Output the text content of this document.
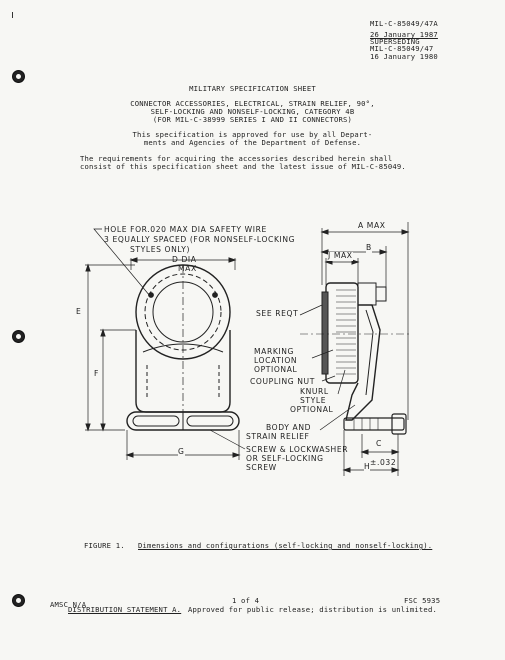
MIL-C-85049/47A
26 January 1987
SUPERSEDING
MIL-C-85049/47
16 January 1980
MILITARY SPECIFICATION SHEET
CONNECTOR ACCESSORIES, ELECTRICAL, STRAIN RELIEF, 90°,
SELF-LOCKING AND NONSELF-LOCKING, CATEGORY 4B
(FOR MIL-C-38999 SERIES I AND II CONNECTORS)
This specification is approved for use by all Depart-
ments and Agencies of the Department of Defense.
The requirements for acquiring the accessories described herein shall
consist of this specification sheet and the latest issue of MIL-C-85049.
HOLE FOR.020 MAX DIA SAFETY WIRE
3 EQUALLY SPACED (FOR NONSELF-LOCKING
STYLES ONLY)
D DIA
MAX
A MAX
B
J MAX
E
F
G
C
H ±.032
SEE REQT
MARKING
LOCATION
OPTIONAL
COUPLING NUT
KNURL
STYLE
OPTIONAL
BODY AND
STRAIN RELIEF
SCREW & LOCKWASHER
OR SELF-LOCKING
SCREW
FIGURE 1. Dimensions and configurations (self-locking and nonself-locking).
AMSC N/A	1 of 4	FSC 5935
DISTRIBUTION STATEMENT A. Approved for public release; distribution is unlimited.
